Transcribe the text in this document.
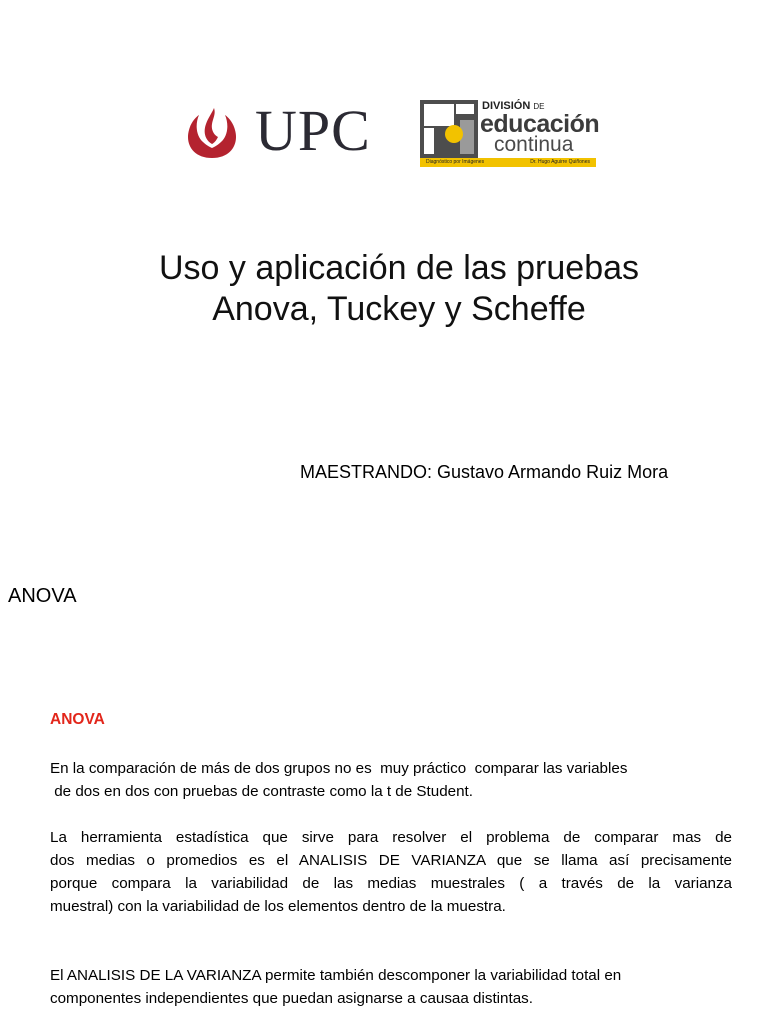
UPC	DIVISIÓN DE
educación
continua
Diagnóstico por Imágenes	Dr. Hugo Aguirre Quiñones
Uso y aplicación de las pruebas
Anova, Tuckey y Scheffe
MAESTRANDO: Gustavo Armando Ruiz Mora
ANOVA
ANOVA
En la comparación de más de dos grupos no es  muy práctico  comparar las variables
de dos en dos con pruebas de contraste como la t de Student.
La herramienta estadística que sirve para resolver el problema de comparar mas de
dos medias o promedios es el ANALISIS DE VARIANZA que se llama así precisamente
porque compara la variabilidad de las medias muestrales ( a través de la varianza
muestral) con la variabilidad de los elementos dentro de la muestra.
El ANALISIS DE LA VARIANZA permite también descomponer la variabilidad total en
componentes independientes que puedan asignarse a causaa distintas.
